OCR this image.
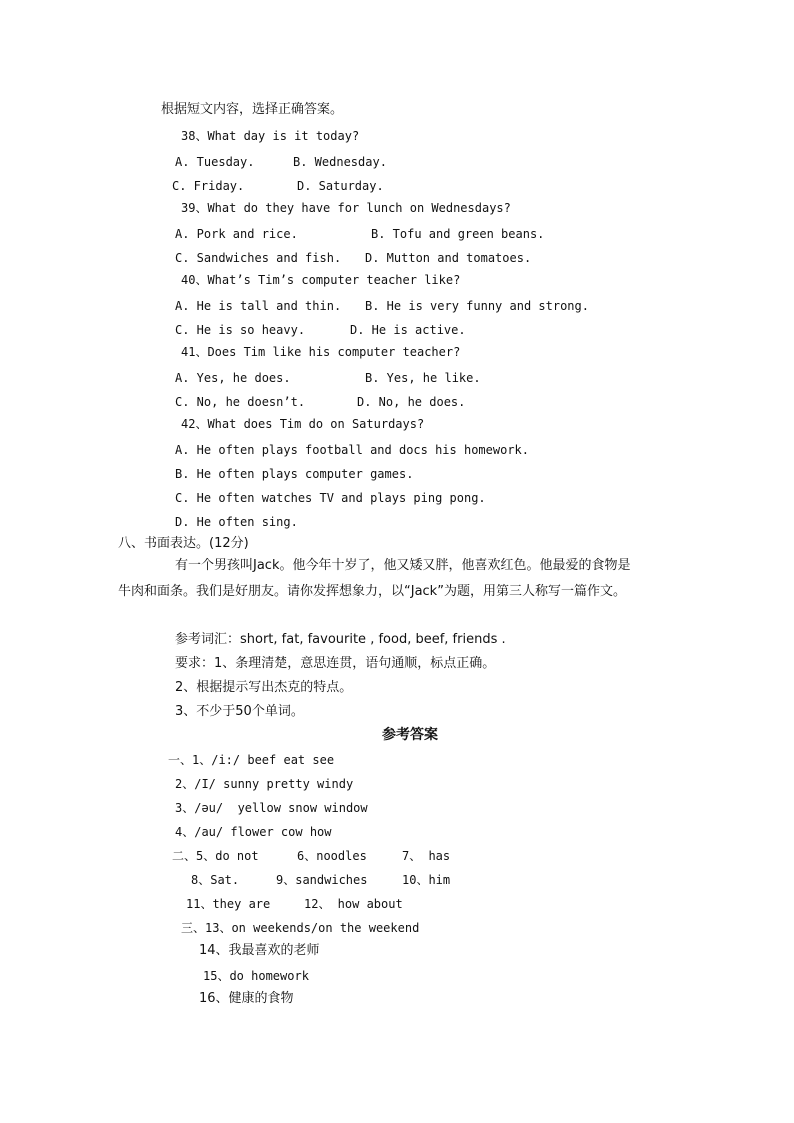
根据短文内容，选择正确答案。
38、What day is it today?
A. Tuesday.	B. Wednesday.
C. Friday.	D. Saturday.
39、What do they have for lunch on Wednesdays?
A. Pork and rice.	B. Tofu and green beans.
C. Sandwiches and fish. D. Mutton and tomatoes.
40、What’s Tim’s computer teacher like?
A. He is tall and thin. B. He is very funny and strong.
C. He is so heavy.	D. He is active.
41、Does Tim like his computer teacher?
A. Yes, he does.	B. Yes, he like.
C. No, he doesn’t.	D. No, he does.
42、What does Tim do on Saturdays?
A. He often plays football and docs his homework.
B. He often plays computer games.
C. He often watches TV and plays ping pong.
D. He often sing.
八、书面表达。(12分)
有一个男孩叫Jack。他今年十岁了，他又矮又胖，他喜欢红色。他最爱的食物是
牛肉和面条。我们是好朋友。请你发挥想象力，以“Jack”为题，用第三人称写一篇作文。
参考词汇：short, fat, favourite , food, beef, friends .
要求：1、条理清楚，意思连贯，语句通顺，标点正确。
2、根据提示写出杰克的特点。
3、不少于50个单词。
参考答案
一、1、/i:/ beef eat see
2、/I/ sunny pretty windy
3、/əu/  yellow snow window
4、/au/ flower cow how
二、5、do not	6、noodles	7、 has
8、Sat.	9、sandwiches	10、him
11、they are	12、 how about
三、13、on weekends/on the weekend
14、我最喜欢的老师
15、do homework
16、健康的食物
